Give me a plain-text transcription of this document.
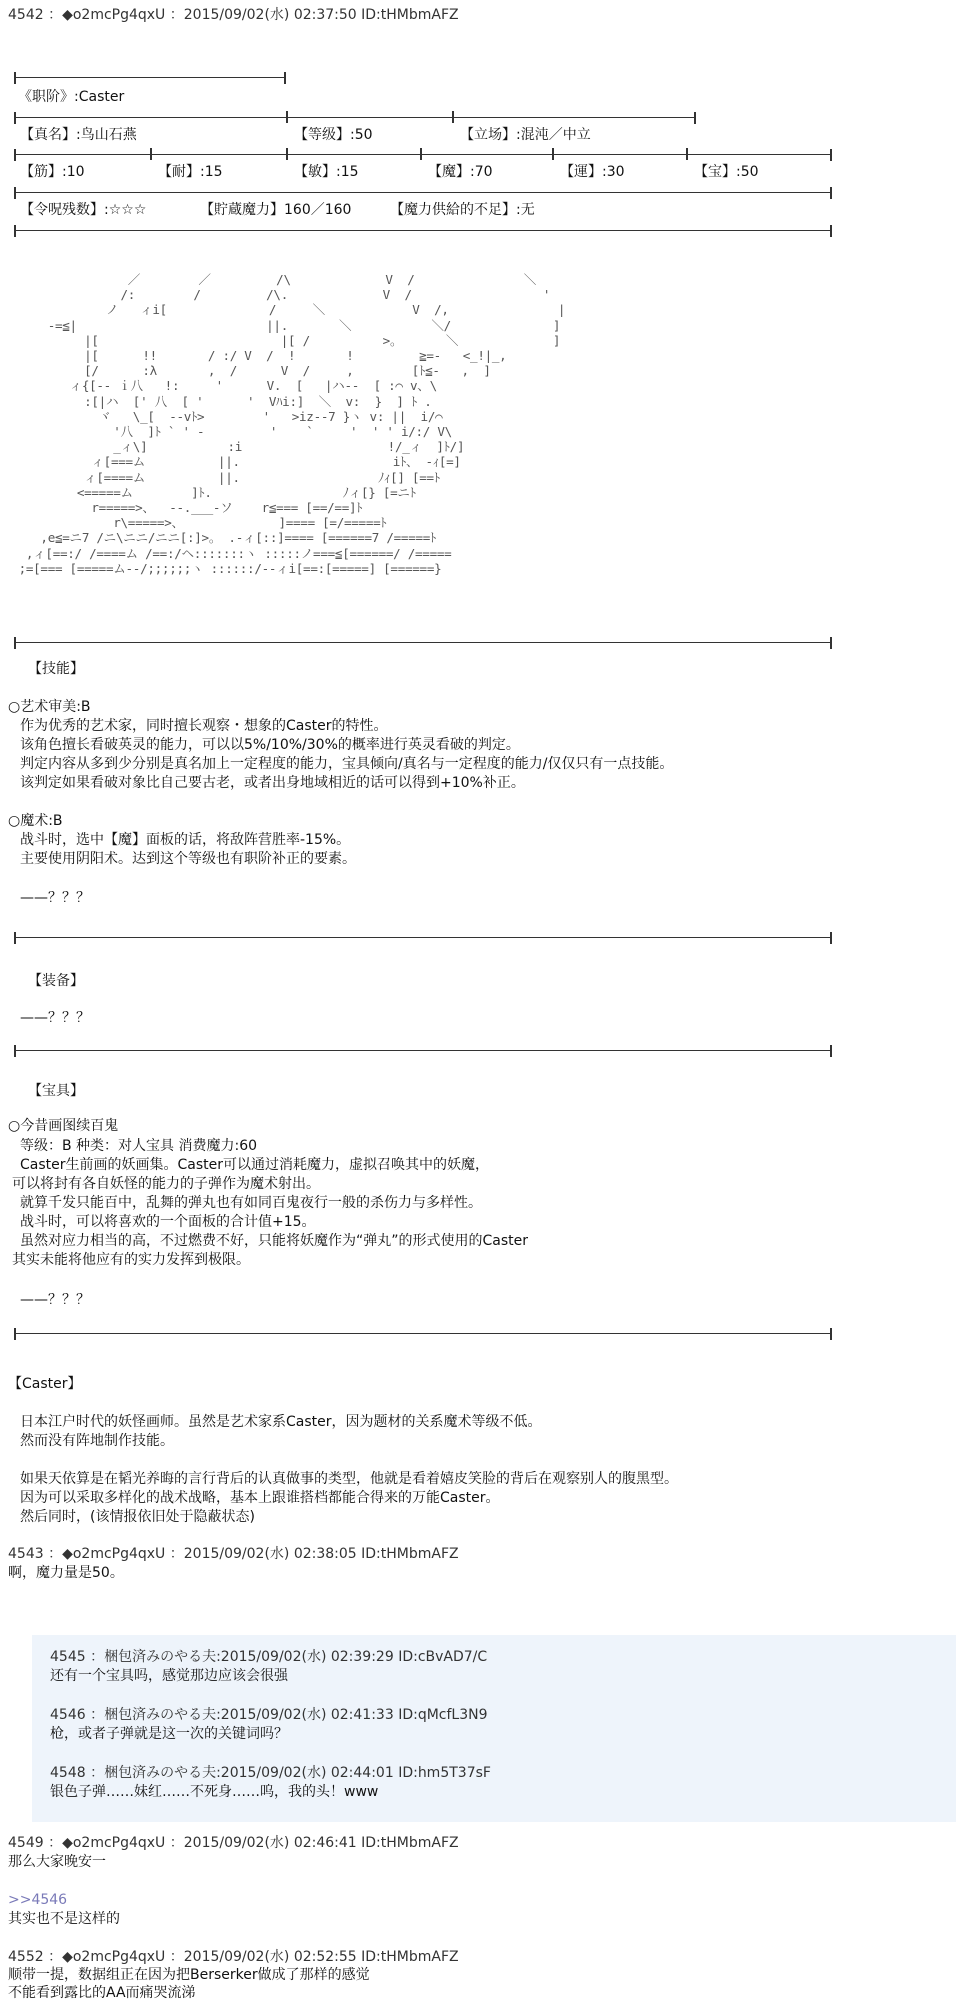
4542 ：◆o2mcPg4qxU ：2015/09/02(水) 02:37:50 ID:tHMbmAFZ
《职阶》:Caster
【真名】:鸟山石燕	【等级】:50	【立场】:混沌／中立
【筋】:10	【耐】:15	【敏】:15	【魔】:70	【運】:30	【宝】:50
【令呪残数】:☆☆☆	【貯蔵魔力】160／160	【魔力供給的不足】:无
／        ／         /\             V  /               ＼
/:        /         /\.             V  /                  '
ノ   ィi[              /     ＼            V  /,               |
-=≦|                          ||.       ＼           ＼/              ]
|[                         |[ /          >。      ＼             ]
|[      !!       / :/ V  /  !       !         ≧=-   <_!|_,
[/      :λ       ,  /      V  /     ,        [ﾄ≦-   ,  ]
ィ{[-- ｉ八   !:     '      V.  [   |ハ--  [ :⌒ v、\
:[|ハ  [' 八  [ '      '  Vﾊi:]  ＼  v:  }  ] ﾄ .
ヾ   \_[  --vﾄ>        '   >iz--7 }ヽ v: ||  i/⌒
'八  ]ﾄ ` ' -         '    `     '  ' ' i/:/ V\
_ィ\]           :i                    !/_ィ  ]ﾄ/]
ィ[===ム          ||.                     iﾄ、 -ｨ[=]
ィ[====ム          ||.                   ﾉｨ[] [==ﾄ
<=====ム        ]ﾄ.                  ﾉィ[} [=ニﾄ
r=====>、  --.___-ソ    r≦=== [==/==]ﾄ
r\=====>、             ]==== [=/=====ﾄ
,e≦=ニ7 /ニ\ニニ/ニニ[:]>。 .-ィ[::]==== [======7 /=====ﾄ
,ィ[==:/ /====ム /==:/ヘ:::::::ヽ :::::ノ===≦[======/ /=====
;=[=== [=====ム--/;;;;;;ヽ ::::::/--ィi[==:[=====] [======}
【技能】
○艺术审美:B
作为优秀的艺术家，同时擅长观察・想象的Caster的特性。
该角色擅长看破英灵的能力，可以以5%/10%/30%的概率进行英灵看破的判定。
判定内容从多到少分别是真名加上一定程度的能力，宝具倾向/真名与一定程度的能力/仅仅只有一点技能。
该判定如果看破对象比自己要古老，或者出身地域相近的话可以得到+10%补正。
○魔术:B
战斗时，选中【魔】面板的话，将敌阵营胜率-15%。
主要使用阴阳术。达到这个等级也有职阶补正的要素。
——？？？
【装备】
——？？？
【宝具】
○今昔画图续百鬼
等级：B 种类：对人宝具 消费魔力:60
Caster生前画的妖画集。Caster可以通过消耗魔力，虚拟召唤其中的妖魔，
可以将封有各自妖怪的能力的子弹作为魔术射出。
就算千发只能百中，乱舞的弹丸也有如同百鬼夜行一般的杀伤力与多样性。
战斗时，可以将喜欢的一个面板的合计值+15。
虽然对应力相当的高，不过燃费不好，只能将妖魔作为“弹丸”的形式使用的Caster
其实未能将他应有的实力发挥到极限。
——？？？
【Caster】
日本江户时代的妖怪画师。虽然是艺术家系Caster，因为题材的关系魔术等级不低。
然而没有阵地制作技能。
如果天依算是在韬光养晦的言行背后的认真做事的类型，他就是看着嬉皮笑脸的背后在观察别人的腹黑型。
因为可以采取多样化的战术战略，基本上跟谁搭档都能合得来的万能Caster。
然后同时，(该情报依旧处于隐蔽状态)
4543 ：◆o2mcPg4qxU ：2015/09/02(水) 02:38:05 ID:tHMbmAFZ
啊，魔力量是50。
4545 ：梱包済みのやる夫:2015/09/02(水) 02:39:29 ID:cBvAD7/C
还有一个宝具吗，感觉那边应该会很强
4546 ：梱包済みのやる夫:2015/09/02(水) 02:41:33 ID:qMcfL3N9
枪，或者子弹就是这一次的关键词吗？
4548 ：梱包済みのやる夫:2015/09/02(水) 02:44:01 ID:hm5T37sF
银色子弹……妹红……不死身……呜，我的头！www
4549 ：◆o2mcPg4qxU ：2015/09/02(水) 02:46:41 ID:tHMbmAFZ
那么大家晚安一
>>4546
其实也不是这样的
4552 ：◆o2mcPg4qxU ：2015/09/02(水) 02:52:55 ID:tHMbmAFZ
顺带一提，数据组正在因为把Berserker做成了那样的感觉
不能看到露比的AA而痛哭流涕
